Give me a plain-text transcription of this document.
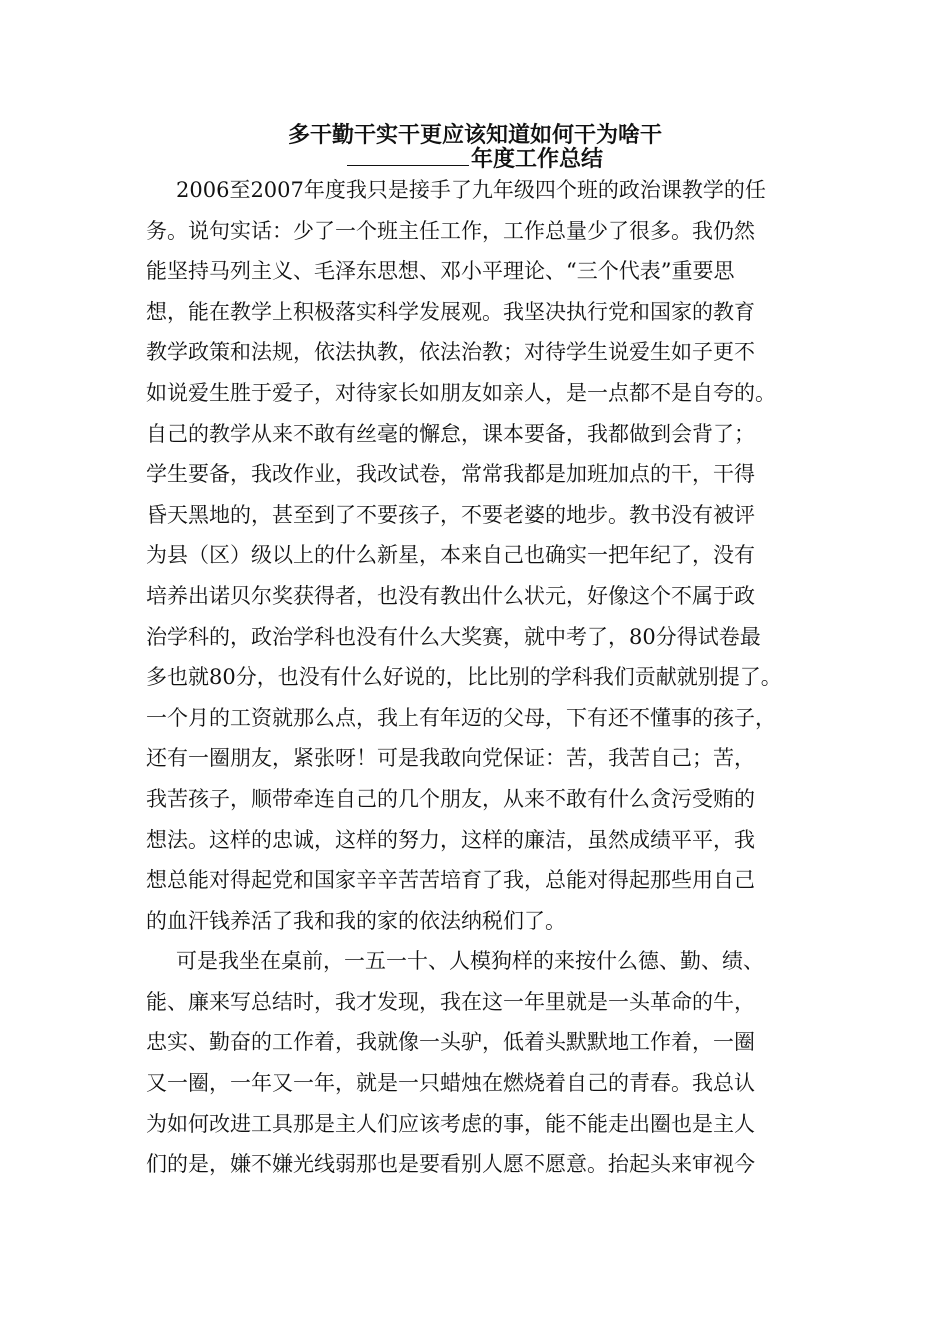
多干勤干实干更应该知道如何干为啥干
年度工作总结
2006至2007年度我只是接手了九年级四个班的政治课教学的任
务。说句实话：少了一个班主任工作，工作总量少了很多。我仍然
能坚持马列主义、毛泽东思想、邓小平理论、“三个代表”重要思
想，能在教学上积极落实科学发展观。我坚决执行党和国家的教育
教学政策和法规，依法执教，依法治教；对待学生说爱生如子更不
如说爱生胜于爱子，对待家长如朋友如亲人，是一点都不是自夸的。
自己的教学从来不敢有丝毫的懈怠，课本要备，我都做到会背了；
学生要备，我改作业，我改试卷，常常我都是加班加点的干，干得
昏天黑地的，甚至到了不要孩子，不要老婆的地步。教书没有被评
为县（区）级以上的什么新星，本来自己也确实一把年纪了，没有
培养出诺贝尔奖获得者，也没有教出什么状元，好像这个不属于政
治学科的，政治学科也没有什么大奖赛，就中考了，80分得试卷最
多也就80分，也没有什么好说的，比比别的学科我们贡献就别提了。
一个月的工资就那么点，我上有年迈的父母，下有还不懂事的孩子，
还有一圈朋友，紧张呀！可是我敢向党保证：苦，我苦自己；苦，
我苦孩子，顺带牵连自己的几个朋友，从来不敢有什么贪污受贿的
想法。这样的忠诚，这样的努力，这样的廉洁，虽然成绩平平，我
想总能对得起党和国家辛辛苦苦培育了我，总能对得起那些用自己
的血汗钱养活了我和我的家的依法纳税们了。
可是我坐在桌前，一五一十、人模狗样的来按什么德、勤、绩、
能、廉来写总结时，我才发现，我在这一年里就是一头革命的牛，
忠实、勤奋的工作着，我就像一头驴，低着头默默地工作着，一圈
又一圈，一年又一年，就是一只蜡烛在燃烧着自己的青春。我总认
为如何改进工具那是主人们应该考虑的事，能不能走出圈也是主人
们的是，嫌不嫌光线弱那也是要看别人愿不愿意。抬起头来审视今
